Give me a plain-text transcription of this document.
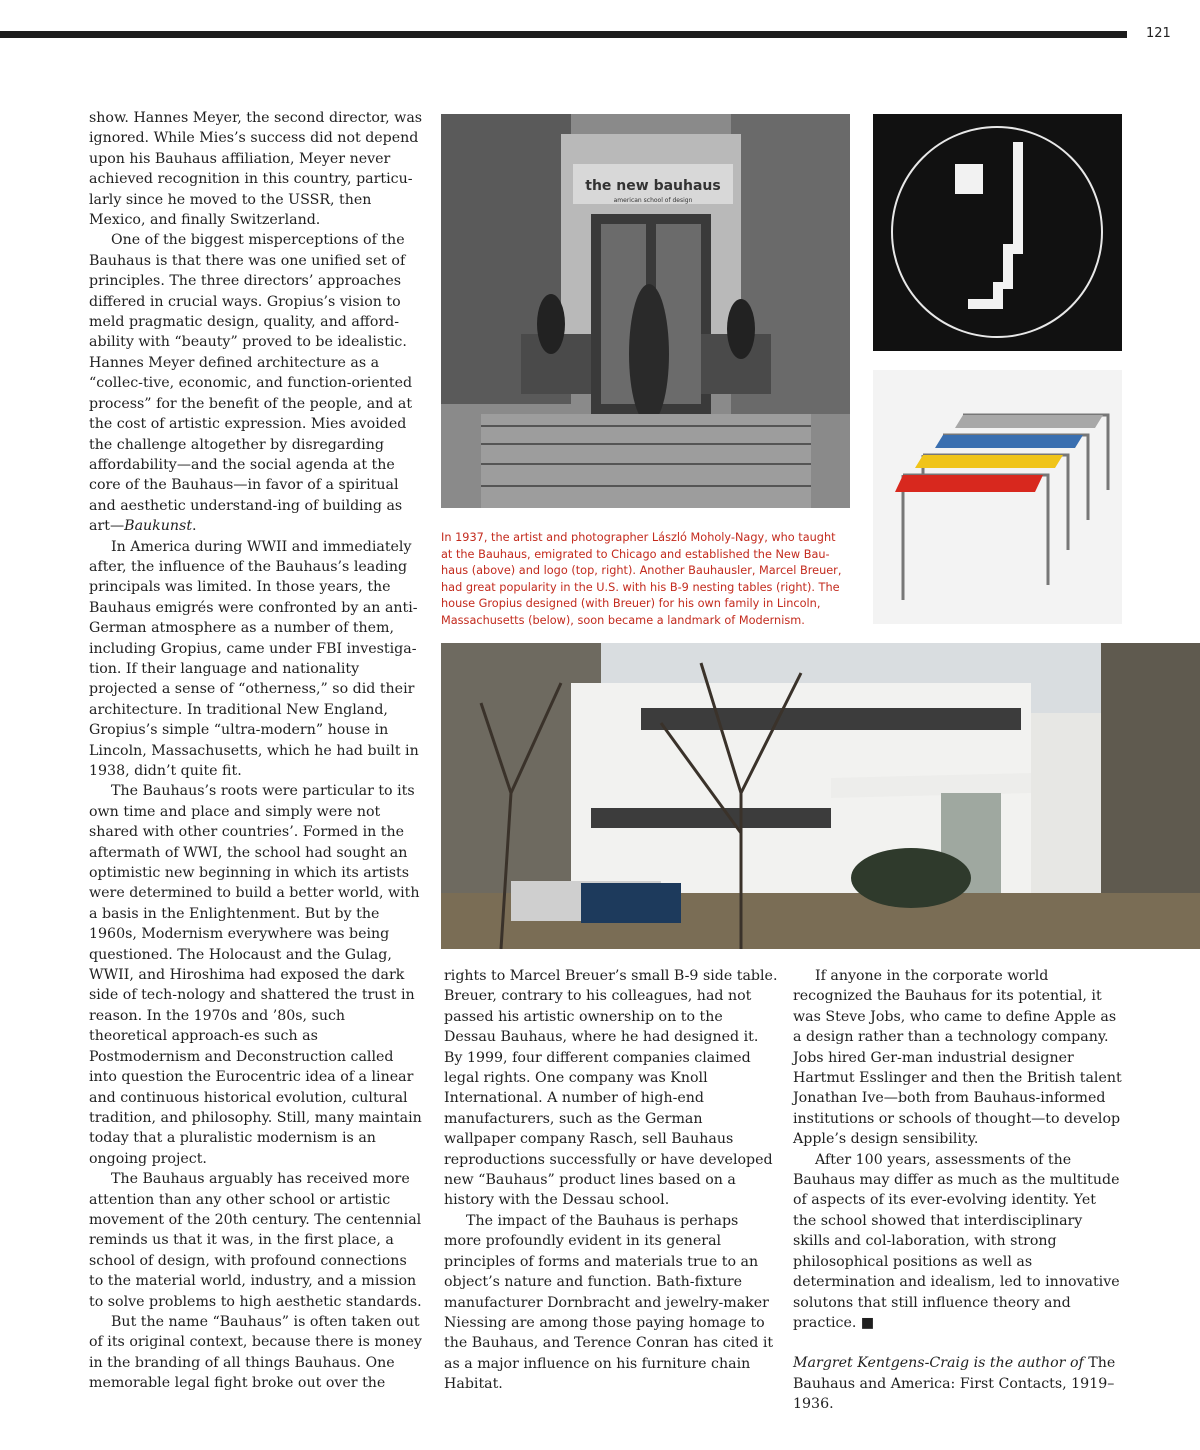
121

show. Hannes Meyer, the second director, was ignored. While Mies’s success did not depend upon his Bauhaus affiliation, Meyer never achieved recognition in this country, particu-larly since he moved to the USSR, then Mexico, and finally Switzerland.

One of the biggest misperceptions of the Bauhaus is that there was one unified set of principles. The three directors’ approaches differed in crucial ways. Gropius’s vision to meld pragmatic design, quality, and afford-ability with “beauty” proved to be idealistic. Hannes Meyer defined architecture as a “collec-tive, economic, and function-oriented process” for the benefit of the people, and at the cost of artistic expression. Mies avoided the challenge altogether by disregarding affordability—and the social agenda at the core of the Bauhaus—in favor of a spiritual and aesthetic understand-ing of building as art—Baukunst.

In America during WWII and immediately after, the influence of the Bauhaus’s leading principals was limited. In those years, the Bauhaus emigrés were confronted by an anti-German atmosphere as a number of them, including Gropius, came under FBI investiga-tion. If their language and nationality projected a sense of “otherness,” so did their architecture. In traditional New England, Gropius’s simple “ultra-modern” house in Lincoln, Massachusetts, which he had built in 1938, didn’t quite fit.

The Bauhaus’s roots were particular to its own time and place and simply were not shared with other countries’. Formed in the aftermath of WWI, the school had sought an optimistic new beginning in which its artists were determined to build a better world, with a basis in the Enlightenment. But by the 1960s, Modernism everywhere was being questioned. The Holocaust and the Gulag, WWII, and Hiroshima had exposed the dark side of tech-nology and shattered the trust in reason. In the 1970s and ’80s, such theoretical approach-es such as Postmodernism and Deconstruction called into question the Eurocentric idea of a linear and continuous historical evolution, cultural tradition, and philosophy. Still, many maintain today that a pluralistic modernism is an ongoing project.

The Bauhaus arguably has received more attention than any other school or artistic movement of the 20th century. The centennial reminds us that it was, in the first place, a school of design, with profound connections to the material world, industry, and a mission to solve problems to high aesthetic standards.

But the name “Bauhaus” is often taken out of its original context, because there is money in the branding of all things Bauhaus. One memorable legal fight broke out over the

the new bauhaus
american school of design

In 1937, the artist and photographer László Moholy-Nagy, who taught at the Bauhaus, emigrated to Chicago and established the New Bau-haus (above) and logo (top, right). Another Bauhausler, Marcel Breuer, had great popularity in the U.S. with his B-9 nesting tables (right). The house Gropius designed (with Breuer) for his own family in Lincoln, Massachusetts (below), soon became a landmark of Modernism.

rights to Marcel Breuer’s small B-9 side table. Breuer, contrary to his colleagues, had not passed his artistic ownership on to the Dessau Bauhaus, where he had designed it. By 1999, four different companies claimed legal rights. One company was Knoll International. A number of high-end manufacturers, such as the German wallpaper company Rasch, sell Bauhaus reproductions successfully or have developed new “Bauhaus” product lines based on a history with the Dessau school.

The impact of the Bauhaus is perhaps more profoundly evident in its general principles of forms and materials true to an object’s nature and function. Bath-fixture manufacturer Dornbracht and jewelry-maker Niessing are among those paying homage to the Bauhaus, and Terence Conran has cited it as a major influence on his furniture chain Habitat.

If anyone in the corporate world recognized the Bauhaus for its potential, it was Steve Jobs, who came to define Apple as a design rather than a technology company. Jobs hired Ger-man industrial designer Hartmut Esslinger and then the British talent Jonathan Ive—both from Bauhaus-informed institutions or schools of thought—to develop Apple’s design sensibility.

After 100 years, assessments of the Bauhaus may differ as much as the multitude of aspects of its ever-evolving identity. Yet the school showed that interdisciplinary skills and col-laboration, with strong philosophical positions as well as determination and idealism, led to innovative solutons that still influence theory and practice. ■

Margret Kentgens-Craig is the author of The Bauhaus and America: First Contacts, 1919–1936.
